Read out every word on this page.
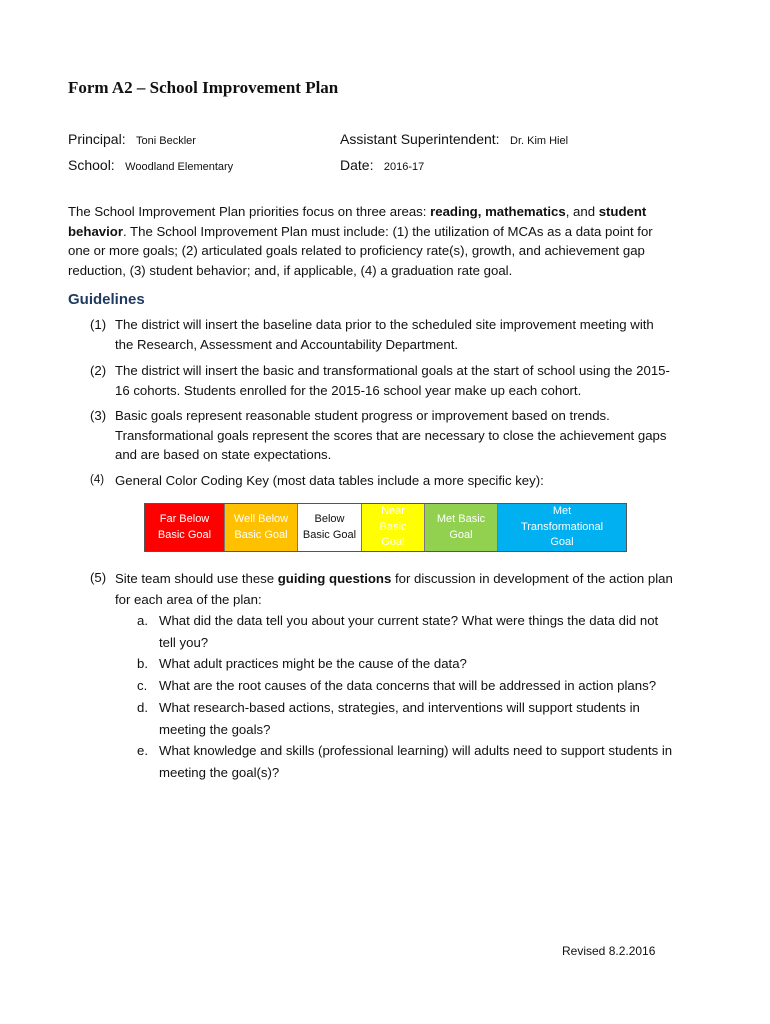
Form A2 – School Improvement Plan
Principal: Toni Beckler	Assistant Superintendent: Dr. Kim Hiel
School: Woodland Elementary	Date: 2016-17
The School Improvement Plan priorities focus on three areas: reading, mathematics, and student
behavior. The School Improvement Plan must include: (1) the utilization of MCAs as a data point for
one or more goals; (2) articulated goals related to proficiency rate(s), growth, and achievement gap
reduction, (3) student behavior; and, if applicable, (4) a graduation rate goal.
Guidelines
(1) The district will insert the baseline data prior to the scheduled site improvement meeting with
the Research, Assessment and Accountability Department.
(2) The district will insert the basic and transformational goals at the start of school using the 2015-
16 cohorts. Students enrolled for the 2015-16 school year make up each cohort.
(3) Basic goals represent reasonable student progress or improvement based on trends.
Transformational goals represent the scores that are necessary to close the achievement gaps
and are based on state expectations.
(4) General Color Coding Key (most data tables include a more specific key):
Far Below
Basic Goal
Well Below
Basic Goal
Below
Basic Goal
Near
Basic
Goal
Met Basic
Goal
Met
Transformational
Goal
(5) Site team should use these guiding questions for discussion in development of the action plan
for each area of the plan:
a. What did the data tell you about your current state? What were things the data did not
tell you?
b. What adult practices might be the cause of the data?
c. What are the root causes of the data concerns that will be addressed in action plans?
d. What research-based actions, strategies, and interventions will support students in
meeting the goals?
e. What knowledge and skills (professional learning) will adults need to support students in
meeting the goal(s)?
Revised 8.2.2016
